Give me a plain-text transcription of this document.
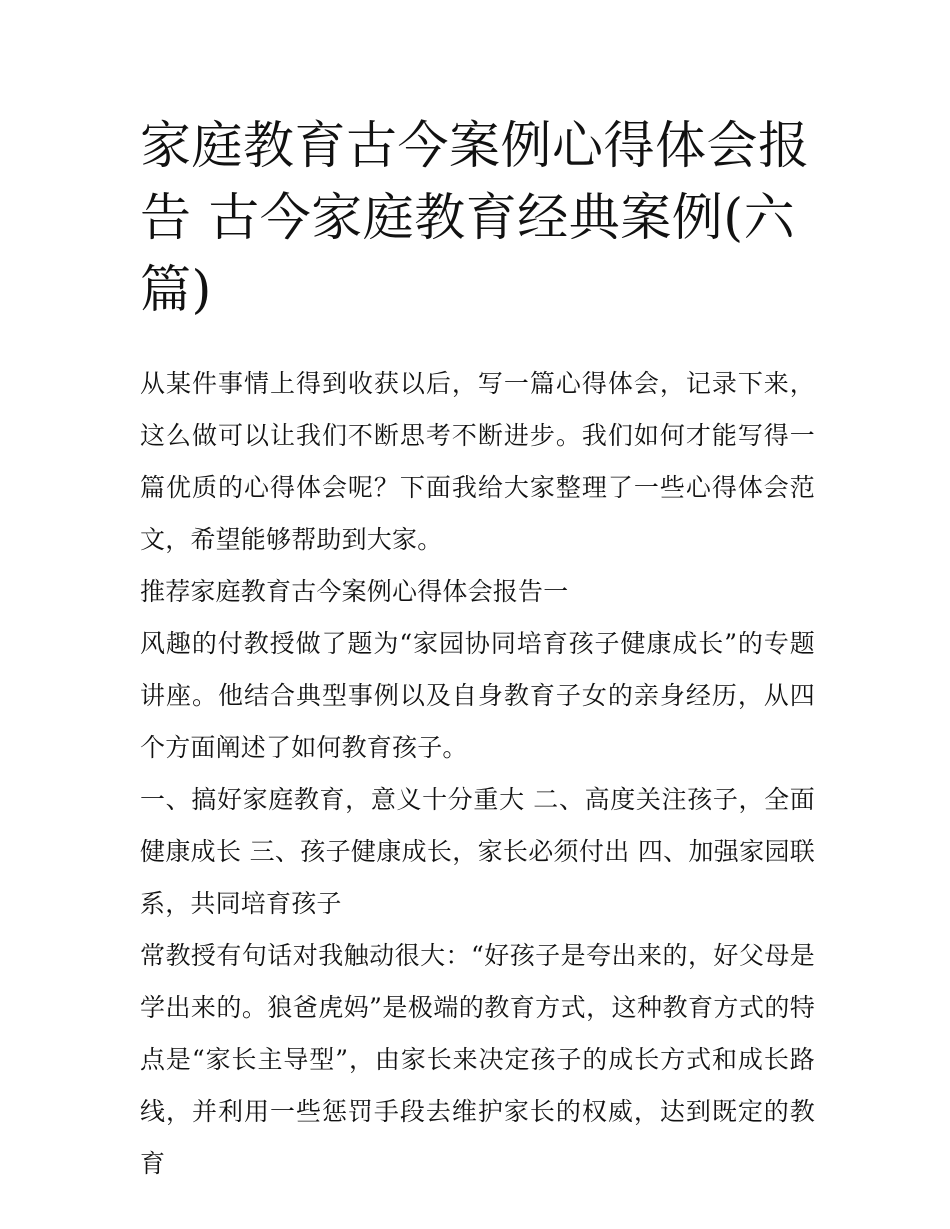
家庭教育古今案例心得体会报告 古今家庭教育经典案例(六篇)

从某件事情上得到收获以后，写一篇心得体会，记录下来，这么做可以让我们不断思考不断进步。我们如何才能写得一篇优质的心得体会呢？下面我给大家整理了一些心得体会范文，希望能够帮助到大家。

推荐家庭教育古今案例心得体会报告一

风趣的付教授做了题为“家园协同培育孩子健康成长”的专题讲座。他结合典型事例以及自身教育子女的亲身经历，从四个方面阐述了如何教育孩子。

一、搞好家庭教育，意义十分重大 二、高度关注孩子，全面健康成长 三、孩子健康成长，家长必须付出 四、加强家园联系，共同培育孩子

常教授有句话对我触动很大：“好孩子是夸出来的，好父母是学出来的。狼爸虎妈”是极端的教育方式，这种教育方式的特点是“家长主导型”，由家长来决定孩子的成长方式和成长路线，并利用一些惩罚手段去维护家长的权威，达到既定的教育
